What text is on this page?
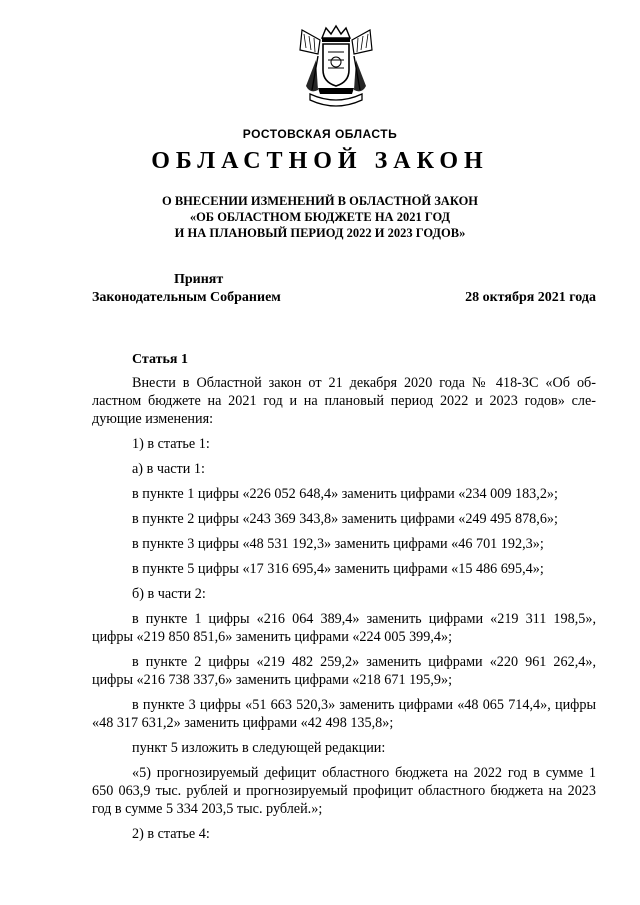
РОСТОВСКАЯ ОБЛАСТЬ
ОБЛАСТНОЙ ЗАКОН
О ВНЕСЕНИИ ИЗМЕНЕНИЙ В ОБЛАСТНОЙ ЗАКОН
«ОБ ОБЛАСТНОМ БЮДЖЕТЕ НА 2021 ГОД
И НА ПЛАНОВЫЙ ПЕРИОД 2022 И 2023 ГОДОВ»
Принят
Законодательным Собранием	28 октября 2021 года
Статья 1

Внести в Областной закон от 21 декабря 2020 года № 418-ЗС «Об об-ластном бюджете на 2021 год и на плановый период 2022 и 2023 годов» сле-дующие изменения:

1) в статье 1:

а) в части 1:

в пункте 1 цифры «226 052 648,4» заменить цифрами «234 009 183,2»;

в пункте 2 цифры «243 369 343,8» заменить цифрами «249 495 878,6»;

в пункте 3 цифры «48 531 192,3» заменить цифрами «46 701 192,3»;

в пункте 5 цифры «17 316 695,4» заменить цифрами «15 486 695,4»;

б) в части 2:

в пункте 1 цифры «216 064 389,4» заменить цифрами «219 311 198,5», цифры «219 850 851,6» заменить цифрами «224 005 399,4»;

в пункте 2 цифры «219 482 259,2» заменить цифрами «220 961 262,4», цифры «216 738 337,6» заменить цифрами «218 671 195,9»;

в пункте 3 цифры «51 663 520,3» заменить цифрами «48 065 714,4», цифры «48 317 631,2» заменить цифрами «42 498 135,8»;

пункт 5 изложить в следующей редакции:

«5) прогнозируемый дефицит областного бюджета на 2022 год в сумме 1 650 063,9 тыс. рублей и прогнозируемый профицит областного бюджета на 2023 год в сумме 5 334 203,5 тыс. рублей.»;

2) в статье 4:
